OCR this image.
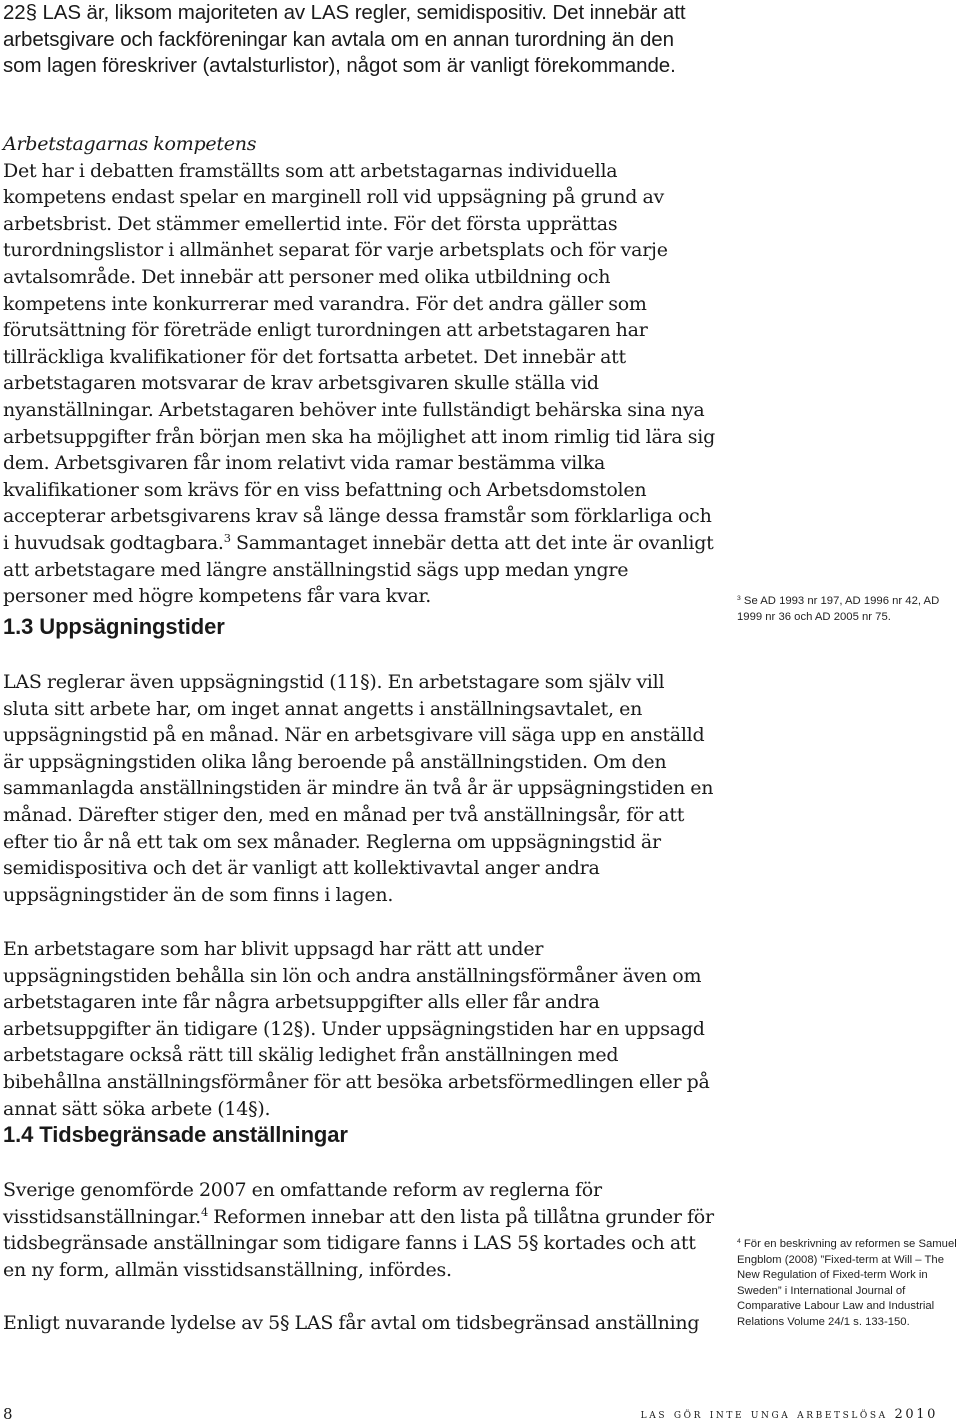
22§ LAS är, liksom majoriteten av LAS regler, semidispositiv. Det innebär att arbetsgivare och fackföreningar kan avtala om en annan turordning än den som lagen föreskriver (avtalsturlistor), något som är vanligt förekommande.

Arbetstagarnas kompetens

Det har i debatten framställts som att arbetstagarnas individuella kompetens endast spelar en marginell roll vid uppsägning på grund av arbetsbrist. Det stämmer emellertid inte. För det första upprättas turordningslistor i allmänhet separat för varje arbetsplats och för varje avtalsområde. Det innebär att personer med olika utbildning och kompetens inte konkurrerar med varandra. För det andra gäller som förutsättning för företräde enligt turordningen att arbetstagaren har tillräckliga kvalifikationer för det fortsatta arbetet. Det innebär att arbetstagaren motsvarar de krav arbetsgivaren skulle ställa vid nyanställningar. Arbetstagaren behöver inte fullständigt behärska sina nya arbetsuppgifter från början men ska ha möjlighet att inom rimlig tid lära sig dem. Arbetsgivaren får inom relativt vida ramar bestämma vilka kvalifikationer som krävs för en viss befattning och Arbetsdomstolen accepterar arbetsgivarens krav så länge dessa framstår som förklarliga och i huvudsak godtagbara.$^3$ Sammantaget innebär detta att det inte är ovanligt att arbetstagare med längre anställningstid sägs upp medan yngre personer med högre kompetens får vara kvar.

1.3 Uppsägningstider

LAS reglerar även uppsägningstid (11§). En arbetstagare som själv vill sluta sitt arbete har, om inget annat angetts i anställningsavtalet, en uppsägningstid på en månad. När en arbetsgivare vill säga upp en anställd är uppsägningstiden olika lång beroende på anställningstiden. Om den sammanlagda anställningstiden är mindre än två år är uppsägningstiden en månad. Därefter stiger den, med en månad per två anställningsår, för att efter tio år nå ett tak om sex månader. Reglerna om uppsägningstid är semidispositiva och det är vanligt att kollektivavtal anger andra uppsägningstider än de som finns i lagen.

En arbetstagare som har blivit uppsagd har rätt att under uppsägningstiden behålla sin lön och andra anställningsförmåner även om arbetstagaren inte får några arbetsuppgifter alls eller får andra arbetsuppgifter än tidigare (12§). Under uppsägningstiden har en uppsagd arbetstagare också rätt till skälig ledighet från anställningen med bibehållna anställningsförmåner för att besöka arbetsförmedlingen eller på annat sätt söka arbete (14§).

1.4 Tidsbegränsade anställningar

Sverige genomförde 2007 en omfattande reform av reglerna för visstidsanställningar.$^4$ Reformen innebar att den lista på tillåtna grunder för tidsbegränsade anställningar som tidigare fanns i LAS 5§ kortades och att en ny form, allmän visstidsanställning, infördes.

Enligt nuvarande lydelse av 5§ LAS får avtal om tidsbegränsad anställning

$^3$ Se AD 1993 nr 197, AD 1996 nr 42, AD 1999 nr 36 och AD 2005 nr 75.
$^4$ För en beskrivning av reformen se Samuel Engblom (2008) ”Fixed-term at Will – The New Regulation of Fixed-term Work in Sweden” i International Journal of Comparative Labour Law and Industrial Relations Volume 24/1 s. 133-150.
8	las gör inte unga arbetslösa 2010
